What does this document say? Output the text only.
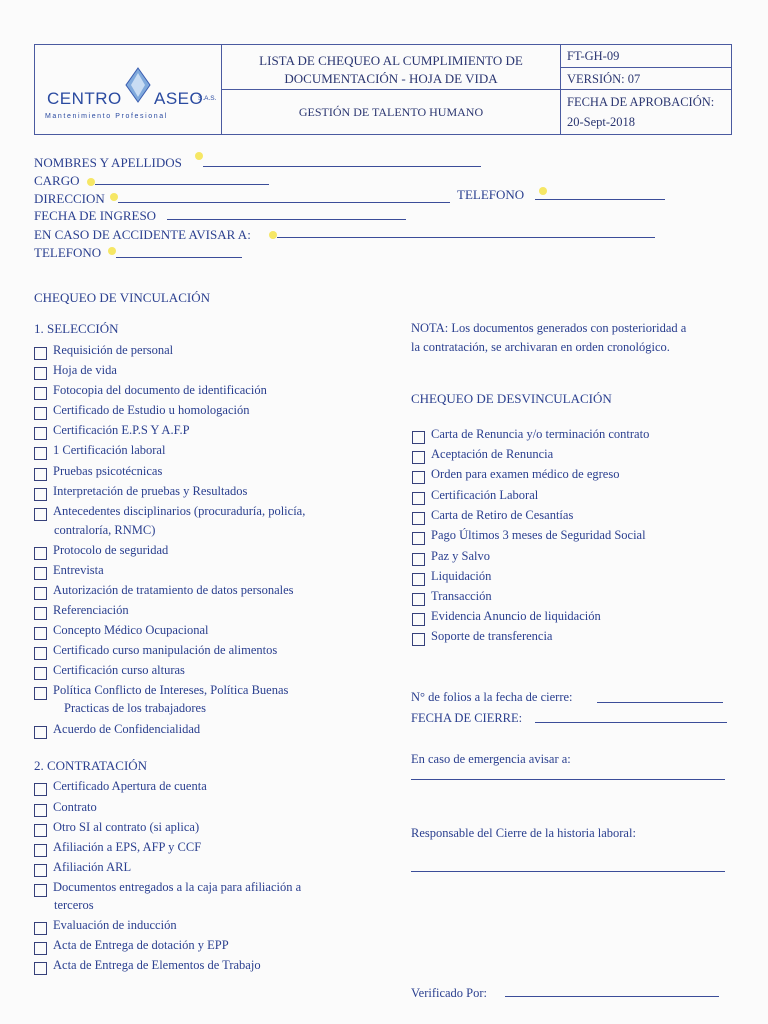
CENTRO ASEO
S.A.S.
Mantenimiento Profesional
LISTA DE CHEQUEO AL CUMPLIMIENTO DE
DOCUMENTACIÓN - HOJA DE VIDA
GESTIÓN DE TALENTO HUMANO
FT-GH-09
VERSIÓN: 07
FECHA DE APROBACIÓN:
20-Sept-2018
NOMBRES Y APELLIDOS
CARGO
DIRECCION	TELEFONO
FECHA DE INGRESO
EN CASO DE ACCIDENTE AVISAR A:
TELEFONO
CHEQUEO DE VINCULACIÓN
1. SELECCIÓN
Requisición de personal
Hoja de vida
Fotocopia del documento de identificación
Certificado de Estudio u homologación
Certificación E.P.S Y A.F.P
1 Certificación laboral
Pruebas psicotécnicas
Interpretación de pruebas y Resultados
Antecedentes disciplinarios (procuraduría, policía,
Protocolo de seguridad
Entrevista
Autorización de tratamiento de datos personales
Referenciación
Concepto Médico Ocupacional
Certificado curso manipulación de alimentos
Certificación curso alturas
Política Conflicto de Intereses, Política Buenas
Acuerdo de Confidencialidad
contraloría, RNMC)
Practicas de los trabajadores
2. CONTRATACIÓN
Certificado Apertura de cuenta
Contrato
Otro SI al contrato (si aplica)
Afiliación a EPS, AFP y CCF
Afiliación ARL
Documentos entregados a la caja para afiliación a
Evaluación de inducción
Acta de Entrega de dotación y EPP
Acta de Entrega de Elementos de Trabajo
terceros
NOTA: Los documentos generados con posterioridad a
la contratación, se archivaran en orden cronológico.
CHEQUEO DE DESVINCULACIÓN
Carta de Renuncia y/o terminación contrato
Aceptación de Renuncia
Orden para examen médico de egreso
Certificación Laboral
Carta de Retiro de Cesantías
Pago Últimos 3 meses de Seguridad Social
Paz y Salvo
Liquidación
Transacción
Evidencia Anuncio de liquidación
Soporte de transferencia
N° de folios a la fecha de cierre:
FECHA DE CIERRE:
En caso de emergencia avisar a:
Responsable del Cierre de la historia laboral:
Verificado Por:
